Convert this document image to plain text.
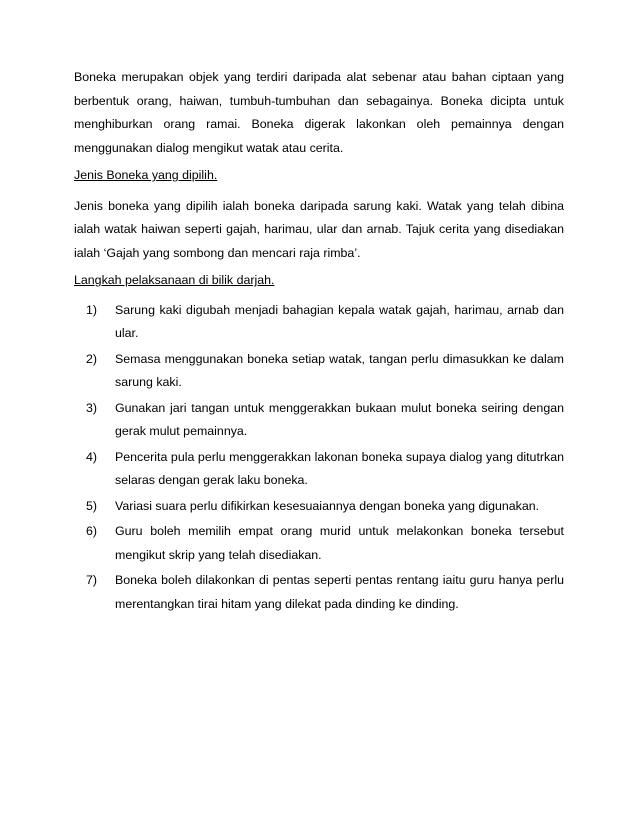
Boneka merupakan objek yang terdiri daripada alat sebenar atau bahan ciptaan yang berbentuk orang, haiwan, tumbuh-tumbuhan dan sebagainya. Boneka dicipta untuk menghiburkan orang ramai. Boneka digerak lakonkan oleh pemainnya dengan menggunakan dialog mengikut watak atau cerita.

Jenis Boneka yang dipilih.

Jenis boneka yang dipilih ialah boneka daripada sarung kaki. Watak yang telah dibina ialah watak haiwan seperti gajah, harimau, ular dan arnab. Tajuk cerita yang disediakan ialah ‘Gajah yang sombong dan mencari raja rimba’.

Langkah pelaksanaan di bilik darjah.

1)	Sarung kaki digubah menjadi bahagian kepala watak gajah, harimau, arnab dan ular.
2)	Semasa menggunakan boneka setiap watak, tangan perlu dimasukkan ke dalam sarung kaki.
3)	Gunakan jari tangan untuk menggerakkan bukaan mulut boneka seiring dengan gerak mulut pemainnya.
4)	Pencerita pula perlu menggerakkan lakonan boneka supaya dialog yang ditutrkan selaras dengan gerak laku boneka.
5)	Variasi suara perlu difikirkan kesesuaiannya dengan boneka yang digunakan.
6)	Guru boleh memilih empat orang murid untuk melakonkan boneka tersebut mengikut skrip yang telah disediakan.
7)	Boneka boleh dilakonkan di pentas seperti pentas rentang iaitu guru hanya perlu merentangkan tirai hitam yang dilekat pada dinding ke dinding.
